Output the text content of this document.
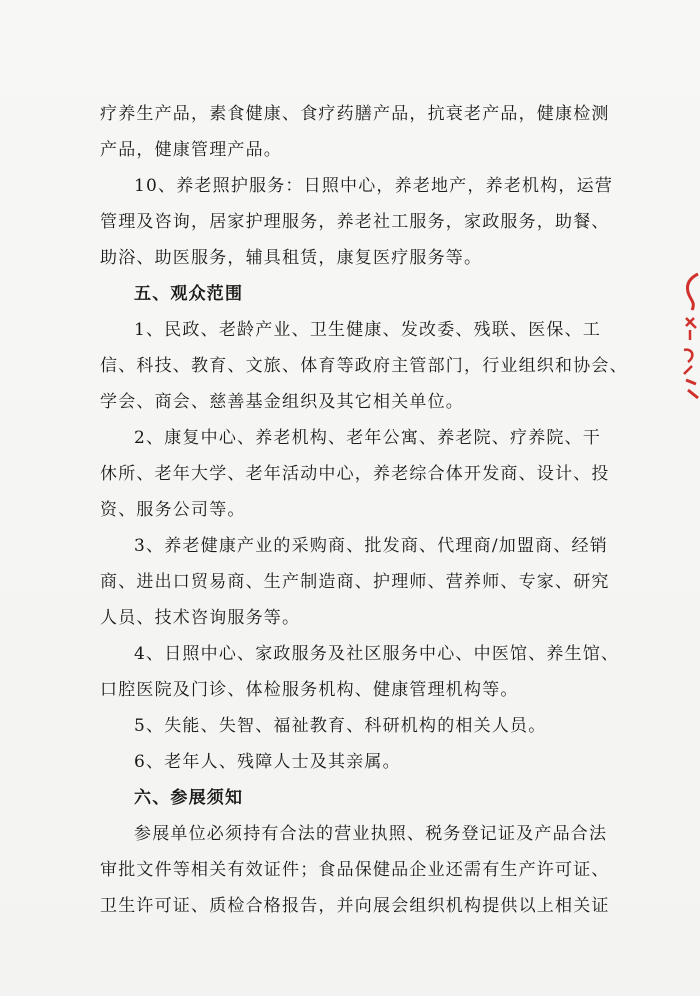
疗养生产品，素食健康、食疗药膳产品，抗衰老产品，健康检测
产品，健康管理产品。

10、养老照护服务：日照中心，养老地产，养老机构，运营
管理及咨询，居家护理服务，养老社工服务，家政服务，助餐、
助浴、助医服务，辅具租赁，康复医疗服务等。

五、观众范围

1、民政、老龄产业、卫生健康、发改委、残联、医保、工
信、科技、教育、文旅、体育等政府主管部门，行业组织和协会、
学会、商会、慈善基金组织及其它相关单位。

2、康复中心、养老机构、老年公寓、养老院、疗养院、干
休所、老年大学、老年活动中心，养老综合体开发商、设计、投
资、服务公司等。

3、养老健康产业的采购商、批发商、代理商/加盟商、经销
商、进出口贸易商、生产制造商、护理师、营养师、专家、研究
人员、技术咨询服务等。

4、日照中心、家政服务及社区服务中心、中医馆、养生馆、
口腔医院及门诊、体检服务机构、健康管理机构等。

5、失能、失智、福祉教育、科研机构的相关人员。

6、老年人、残障人士及其亲属。

六、参展须知

参展单位必须持有合法的营业执照、税务登记证及产品合法
审批文件等相关有效证件；食品保健品企业还需有生产许可证、
卫生许可证、质检合格报告，并向展会组织机构提供以上相关证
